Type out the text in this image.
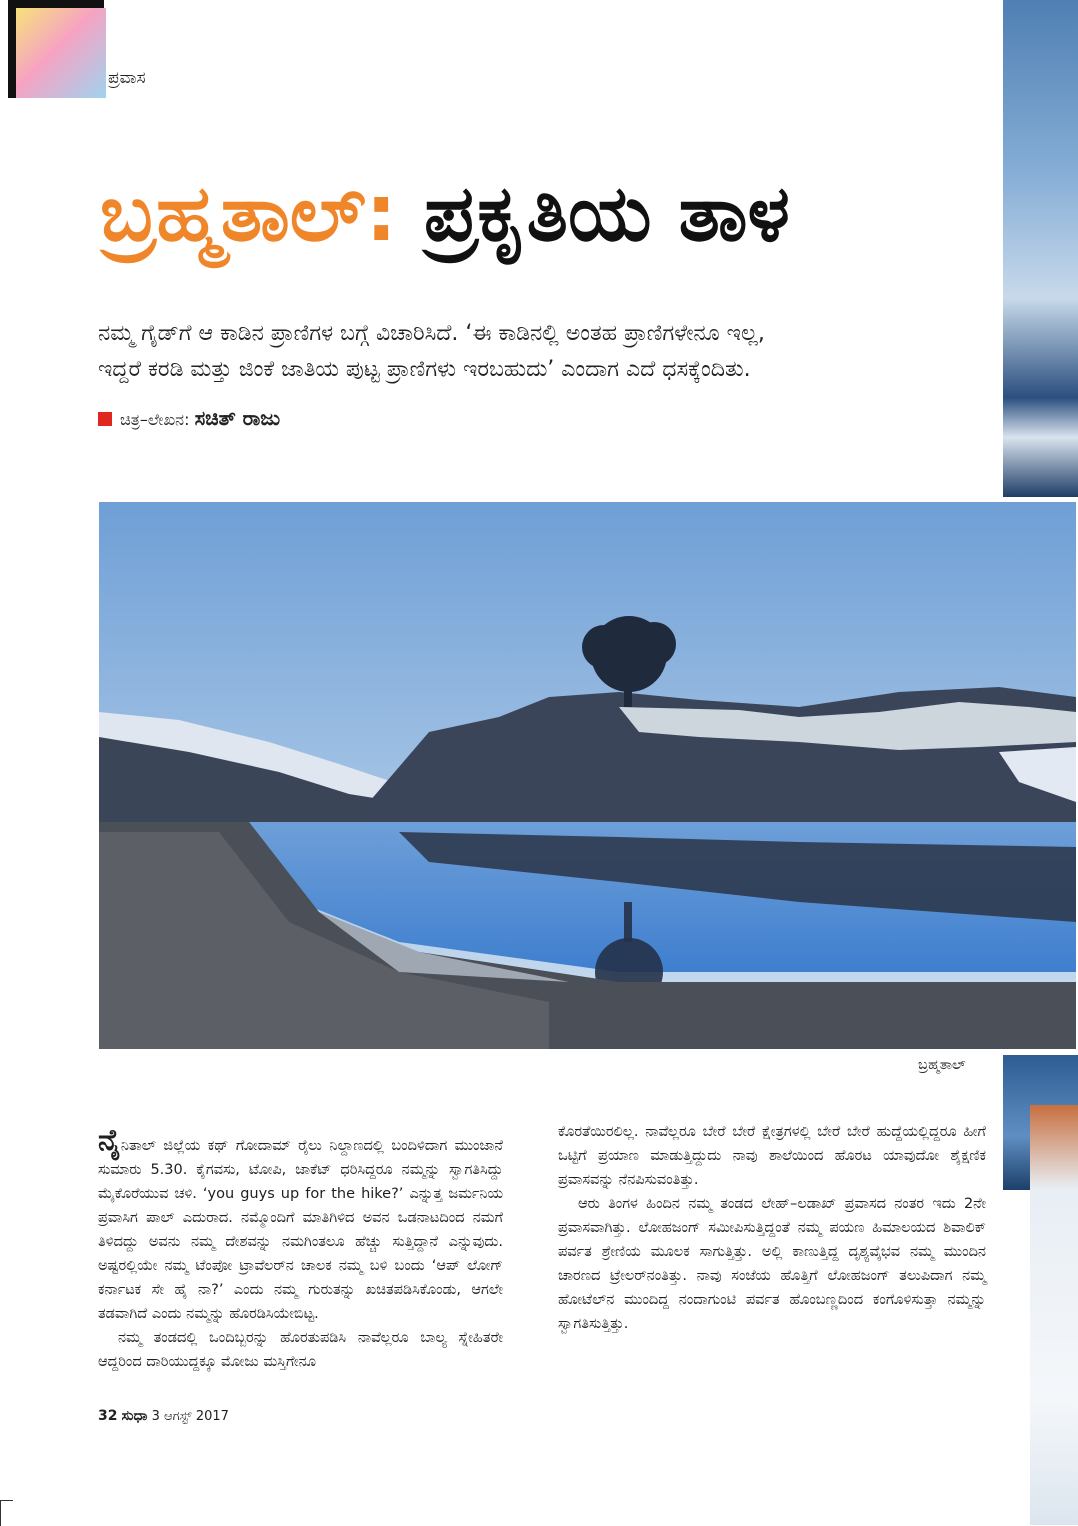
ಪ್ರವಾಸ
ಬ್ರಹ್ಮತಾಲ್: ಪ್ರಕೃತಿಯ ತಾಳ
ನಮ್ಮ ಗೈಡ್‌ಗೆ ಆ ಕಾಡಿನ ಪ್ರಾಣಿಗಳ ಬಗ್ಗೆ ವಿಚಾರಿಸಿದೆ. ‘ಈ ಕಾಡಿನಲ್ಲಿ ಅಂತಹ ಪ್ರಾಣಿಗಳೇನೂ ಇಲ್ಲ,
ಇದ್ದರೆ ಕರಡಿ ಮತ್ತು ಜಿಂಕೆ ಜಾತಿಯ ಪುಟ್ಟ ಪ್ರಾಣಿಗಳು ಇರಬಹುದು’ ಎಂದಾಗ ಎದೆ ಧಸಕ್ಕೆಂದಿತು.
ಚಿತ್ರ–ಲೇಖನ: ಸಚಿತ್ ರಾಜು
ಬ್ರಹ್ಮತಾಲ್

ನೈನಿತಾಲ್ ಜಿಲ್ಲೆಯ ಕಥ್ ಗೋದಾಮ್ ರೈಲು ನಿಲ್ದಾಣದಲ್ಲಿ ಬಂದಿಳಿದಾಗ ಮುಂಜಾನೆ ಸುಮಾರು 5.30. ಕೈಗವಸು, ಟೋಪಿ, ಜಾಕೆಟ್ ಧರಿಸಿದ್ದರೂ ನಮ್ಮನ್ನು ಸ್ವಾಗತಿಸಿದ್ದು ಮೈಕೊರೆಯುವ ಚಳಿ. ‘you guys up for the hike?’ ಎನ್ನುತ್ತ ಜರ್ಮನಿಯ ಪ್ರವಾಸಿಗ ಪಾಲ್ ಎದುರಾದ. ನಮ್ಮೊಂದಿಗೆ ಮಾತಿಗಿಳಿದ ಅವನ ಒಡನಾಟದಿಂದ ನಮಗೆ ತಿಳಿದದ್ದು ಅವನು ನಮ್ಮ ದೇಶವನ್ನು ನಮಗಿಂತಲೂ ಹೆಚ್ಚು ಸುತ್ತಿದ್ದಾನೆ ಎನ್ನುವುದು. ಅಷ್ಟರಲ್ಲಿಯೇ ನಮ್ಮ ಟೆಂಪೋ ಟ್ರಾವೆಲರ್‌ನ ಚಾಲಕ ನಮ್ಮ ಬಳಿ ಬಂದು ‘ಆಪ್ ಲೋಗ್ ಕರ್ನಾಟಕ ಸೇ ಹೈ ನಾ?’ ಎಂದು ನಮ್ಮ ಗುರುತನ್ನು ಖಚಿತಪಡಿಸಿಕೊಂಡು, ಆಗಲೇ ತಡವಾಗಿದೆ ಎಂದು ನಮ್ಮನ್ನು ಹೊರಡಿಸಿಯೇಬಿಟ್ಟ.

ನಮ್ಮ ತಂಡದಲ್ಲಿ ಒಂದಿಬ್ಬರನ್ನು ಹೊರತುಪಡಿಸಿ ನಾವೆಲ್ಲರೂ ಬಾಲ್ಯ ಸ್ನೇಹಿತರೇ ಆದ್ದರಿಂದ ದಾರಿಯುದ್ದಕ್ಕೂ ಮೋಜು ಮಸ್ತಿಗೇನೂ

ಕೊರತೆಯಿರಲಿಲ್ಲ. ನಾವೆಲ್ಲರೂ ಬೇರೆ ಬೇರೆ ಕ್ಷೇತ್ರಗಳಲ್ಲಿ ಬೇರೆ ಬೇರೆ ಹುದ್ದೆಯಲ್ಲಿದ್ದರೂ ಹೀಗೆ ಒಟ್ಟಿಗೆ ಪ್ರಯಾಣ ಮಾಡುತ್ತಿದ್ದುದು ನಾವು ಶಾಲೆಯಿಂದ ಹೊರಟ ಯಾವುದೋ ಶೈಕ್ಷಣಿಕ ಪ್ರವಾಸವನ್ನು ನೆನಪಿಸುವಂತಿತ್ತು.

ಆರು ತಿಂಗಳ ಹಿಂದಿನ ನಮ್ಮ ತಂಡದ ಲೇಹ್–ಲಡಾಖ್ ಪ್ರವಾಸದ ನಂತರ ಇದು 2ನೇ ಪ್ರವಾಸವಾಗಿತ್ತು. ಲೋಹಜಂಗ್ ಸಮೀಪಿಸುತ್ತಿದ್ದಂತೆ ನಮ್ಮ ಪಯಣ ಹಿಮಾಲಯದ ಶಿವಾಲಿಕ್ ಪರ್ವತ ಶ್ರೇಣಿಯ ಮೂಲಕ ಸಾಗುತ್ತಿತ್ತು. ಅಲ್ಲಿ ಕಾಣುತ್ತಿದ್ದ ದೃಶ್ಯವೈಭವ ನಮ್ಮ ಮುಂದಿನ ಚಾರಣದ ಟ್ರೇಲರ್‌ನಂತಿತ್ತು. ನಾವು ಸಂಜೆಯ ಹೊತ್ತಿಗೆ ಲೋಹಜಂಗ್ ತಲುಪಿದಾಗ ನಮ್ಮ ಹೋಟೆಲ್‌ನ ಮುಂದಿದ್ದ ನಂದಾಗುಂಟಿ ಪರ್ವತ ಹೊಂಬಣ್ಣದಿಂದ ಕಂಗೊಳಿಸುತ್ತಾ ನಮ್ಮನ್ನು ಸ್ವಾಗತಿಸುತ್ತಿತ್ತು.

32 ಸುಧಾ 3 ಆಗಸ್ಟ್ 2017
